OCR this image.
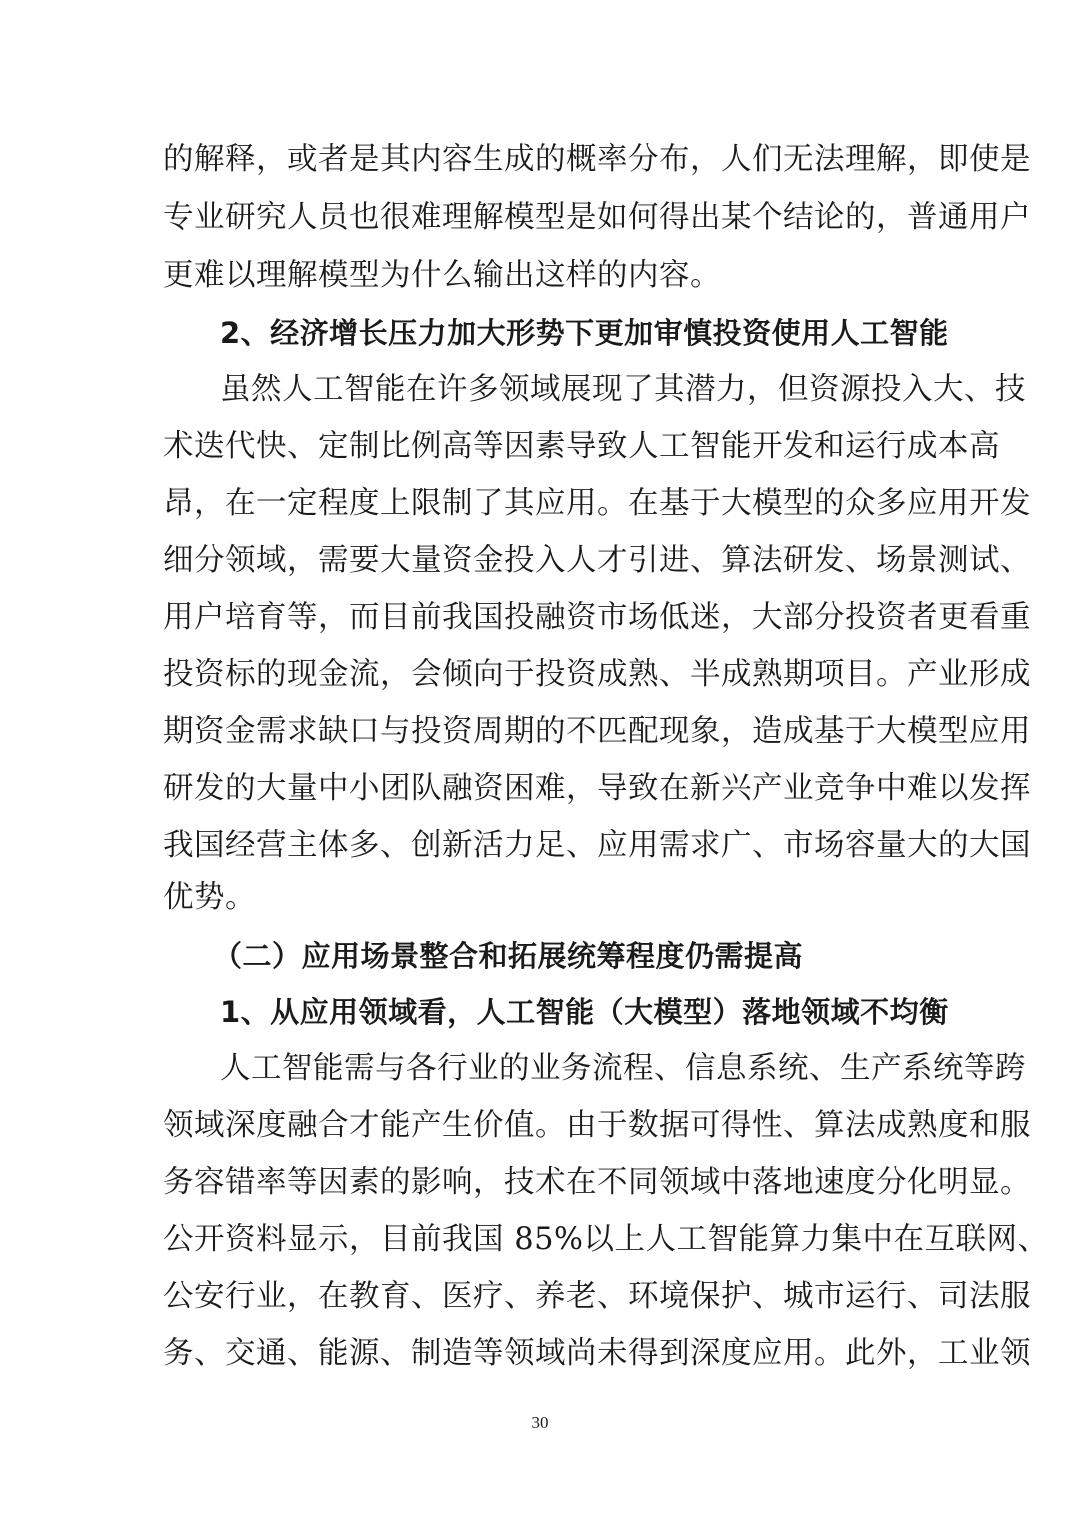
的解释，或者是其内容生成的概率分布，人们无法理解，即使是
专业研究人员也很难理解模型是如何得出某个结论的，普通用户
更难以理解模型为什么输出这样的内容。
2、经济增长压力加大形势下更加审慎投资使用人工智能
虽然人工智能在许多领域展现了其潜力，但资源投入大、技
术迭代快、定制比例高等因素导致人工智能开发和运行成本高
昂，在一定程度上限制了其应用。在基于大模型的众多应用开发
细分领域，需要大量资金投入人才引进、算法研发、场景测试、
用户培育等，而目前我国投融资市场低迷，大部分投资者更看重
投资标的现金流，会倾向于投资成熟、半成熟期项目。产业形成
期资金需求缺口与投资周期的不匹配现象，造成基于大模型应用
研发的大量中小团队融资困难，导致在新兴产业竞争中难以发挥
我国经营主体多、创新活力足、应用需求广、市场容量大的大国
优势。
（二）应用场景整合和拓展统筹程度仍需提高
1、从应用领域看，人工智能（大模型）落地领域不均衡
人工智能需与各行业的业务流程、信息系统、生产系统等跨
领域深度融合才能产生价值。由于数据可得性、算法成熟度和服
务容错率等因素的影响，技术在不同领域中落地速度分化明显。
公开资料显示，目前我国 85%以上人工智能算力集中在互联网、
公安行业，在教育、医疗、养老、环境保护、城市运行、司法服
务、交通、能源、制造等领域尚未得到深度应用。此外，工业领
30
